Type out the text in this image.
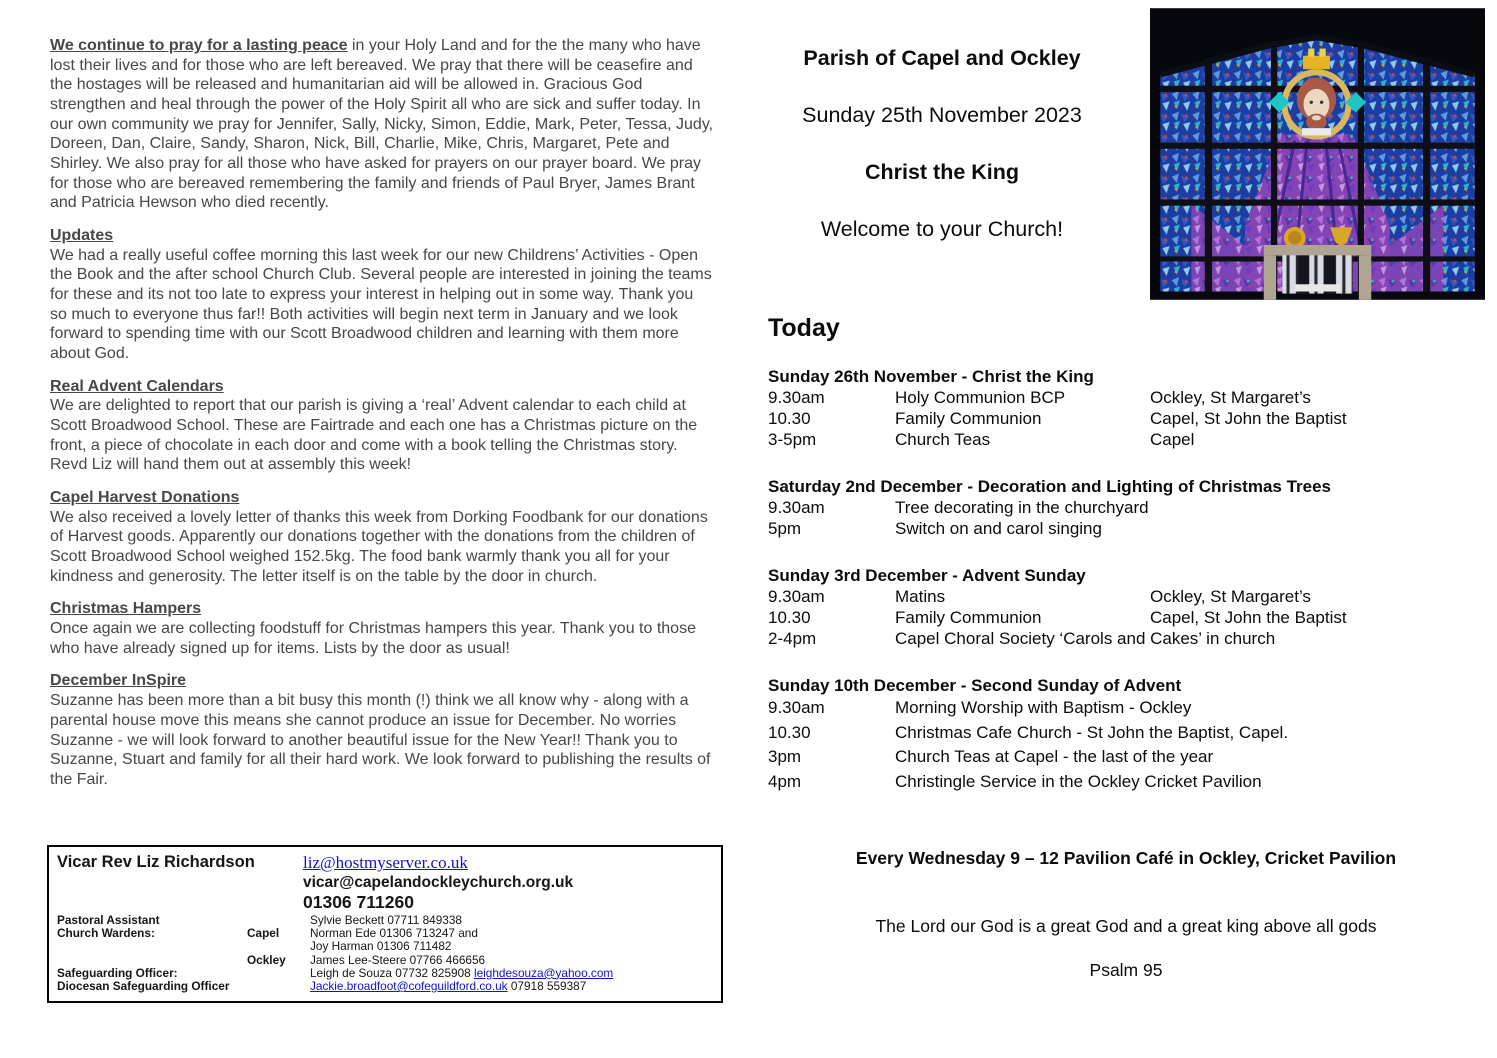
We continue to pray for a lasting peace in your Holy Land and for the the many who have lost their lives and for those who are left bereaved. We pray that there will be ceasefire and the hostages will be released and humanitarian aid will be allowed in. Gracious God strengthen and heal through the power of the Holy Spirit all who are sick and suffer today. In our own community we pray for Jennifer, Sally, Nicky, Simon, Eddie, Mark, Peter, Tessa, Judy, Doreen, Dan, Claire, Sandy, Sharon, Nick, Bill, Charlie, Mike, Chris, Margaret, Pete and Shirley. We also pray for all those who have asked for prayers on our prayer board. We pray for those who are bereaved remembering the family and friends of Paul Bryer, James Brant and Patricia Hewson who died recently.

Updates

We had a really useful coffee morning this last week for our new Childrens’ Activities - Open the Book and the after school Church Club. Several people are interested in joining the teams for these and its not too late to express your interest in helping out in some way. Thank you so much to everyone thus far!! Both activities will begin next term in January and we look forward to spending time with our Scott Broadwood children and learning with them more about God.

Real Advent Calendars

We are delighted to report that our parish is giving a ‘real’ Advent calendar to each child at Scott Broadwood School. These are Fairtrade and each one has a Christmas picture on the front, a piece of chocolate in each door and come with a book telling the Christmas story. Revd Liz will hand them out at assembly this week!

Capel Harvest Donations

We also received a lovely letter of thanks this week from Dorking Foodbank for our donations of Harvest goods. Apparently our donations together with the donations from the children of Scott Broadwood School weighed 152.5kg. The food bank warmly thank you all for your kindness and generosity. The letter itself is on the table by the door in church.

Christmas Hampers

Once again we are collecting foodstuff for Christmas hampers this year. Thank you to those who have already signed up for items. Lists by the door as usual!

December InSpire

Suzanne has been more than a bit busy this month (!) think we all know why - along with a parental house move this means she cannot produce an issue for December. No worries Suzanne - we will look forward to another beautiful issue for the New Year!! Thank you to Suzanne, Stuart and family for all their hard work. We look forward to publishing the results of the Fair.

Vicar Rev Liz Richardson	liz@hostmyserver.co.uk
vicar@capelandockleychurch.org.uk
01306 711260
Pastoral Assistant	Sylvie Beckett 07711 849338
Church Wardens:	Capel	Norman Ede 01306 713247 and
Joy Harman 01306 711482
Ockley	James Lee-Steere 07766 466656
Safeguarding Officer:	Leigh de Souza 07732 825908 leighdesouza@yahoo.com
Diocesan Safeguarding Officer	Jackie.broadfoot@cofeguildford.co.uk 07918 559387
Parish of Capel and Ockley
Sunday 25th November 2023
Christ the King
Welcome to your Church!
Today
Sunday 26th November - Christ the King
9.30am	Holy Communion BCP	Ockley, St Margaret’s
10.30	Family Communion	Capel, St John the Baptist
3-5pm	Church Teas	Capel
Saturday 2nd December - Decoration and Lighting of Christmas Trees
9.30am	Tree decorating in the churchyard
5pm	Switch on and carol singing
Sunday 3rd December - Advent Sunday
9.30am	Matins	Ockley, St Margaret’s
10.30	Family Communion	Capel, St John the Baptist
2-4pm	Capel Choral Society ‘Carols and Cakes’ in church
Sunday 10th December - Second Sunday of Advent
9.30am	Morning Worship with Baptism - Ockley
10.30	Christmas Cafe Church - St John the Baptist, Capel.
3pm	Church Teas at Capel - the last of the year
4pm	Christingle Service in the Ockley Cricket Pavilion
Every Wednesday 9 – 12 Pavilion Café in Ockley, Cricket Pavilion
The Lord our God is a great God and a great king above all gods
Psalm 95
